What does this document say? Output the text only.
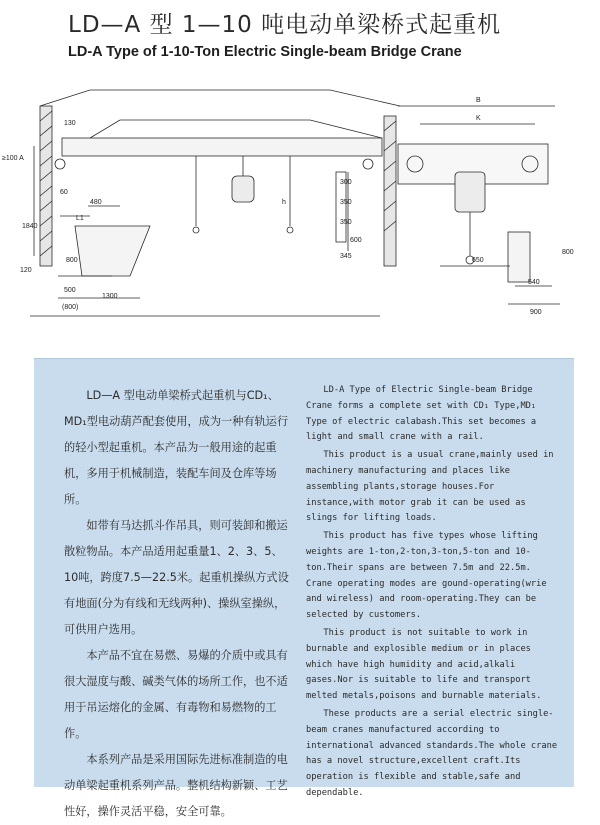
LD—A 型 1—10 吨电动单梁桥式起重机
LD-A Type of 1-10-Ton Electric Single-beam Bridge Crane
130
≥100 A
1840
60
480
L1
800
120
500
(800)
1300
h
300
350
350
600
345
B
K
650
800
540
900

LD—A 型电动单梁桥式起重机与CD₁、MD₁型电动葫芦配套使用，成为一种有轨运行的轻小型起重机。本产品为一般用途的起重机，多用于机械制造，装配车间及仓库等场所。

如带有马达抓斗作吊具，则可装卸和搬运散粒物品。本产品适用起重量1、2、3、5、10吨，跨度7.5—22.5米。起重机操纵方式设有地面(分为有线和无线两种)、操纵室操纵，可供用户选用。

本产品不宜在易燃、易爆的介质中或具有很大湿度与酸、碱类气体的场所工作，也不适用于吊运熔化的金属、有毒物和易燃物的工作。

本系列产品是采用国际先进标准制造的电动单梁起重机系列产品。整机结构新颖、工艺性好，操作灵活平稳，安全可靠。

LD-A Type of Electric Single-beam Bridge Crane forms a complete set with CD₁ Type,MD₁ Type of electric calabash.This set becomes a light and small crane with a rail.

This product is a usual crane,mainly used in machinery manufacturing and places like assembling plants,storage houses.For instance,with motor grab it can be used as slings for lifting loads.

This product has five types whose lifting weights are 1-ton,2-ton,3-ton,5-ton and 10-ton.Their spans are between 7.5m and 22.5m. Crane operating modes are gound-operating(wrie and wireless) and room-operating.They can be selected by customers.

This product is not suitable to work in burnable and explosible medium or in places which have high humidity and acid,alkali gases.Nor is suitable to life and transport melted metals,poisons and burnable materials.

These products are a serial electric single-beam cranes manufactured according to international advanced standards.The whole crane has a novel structure,excellent craft.Its operation is flexible and stable,safe and dependable.
